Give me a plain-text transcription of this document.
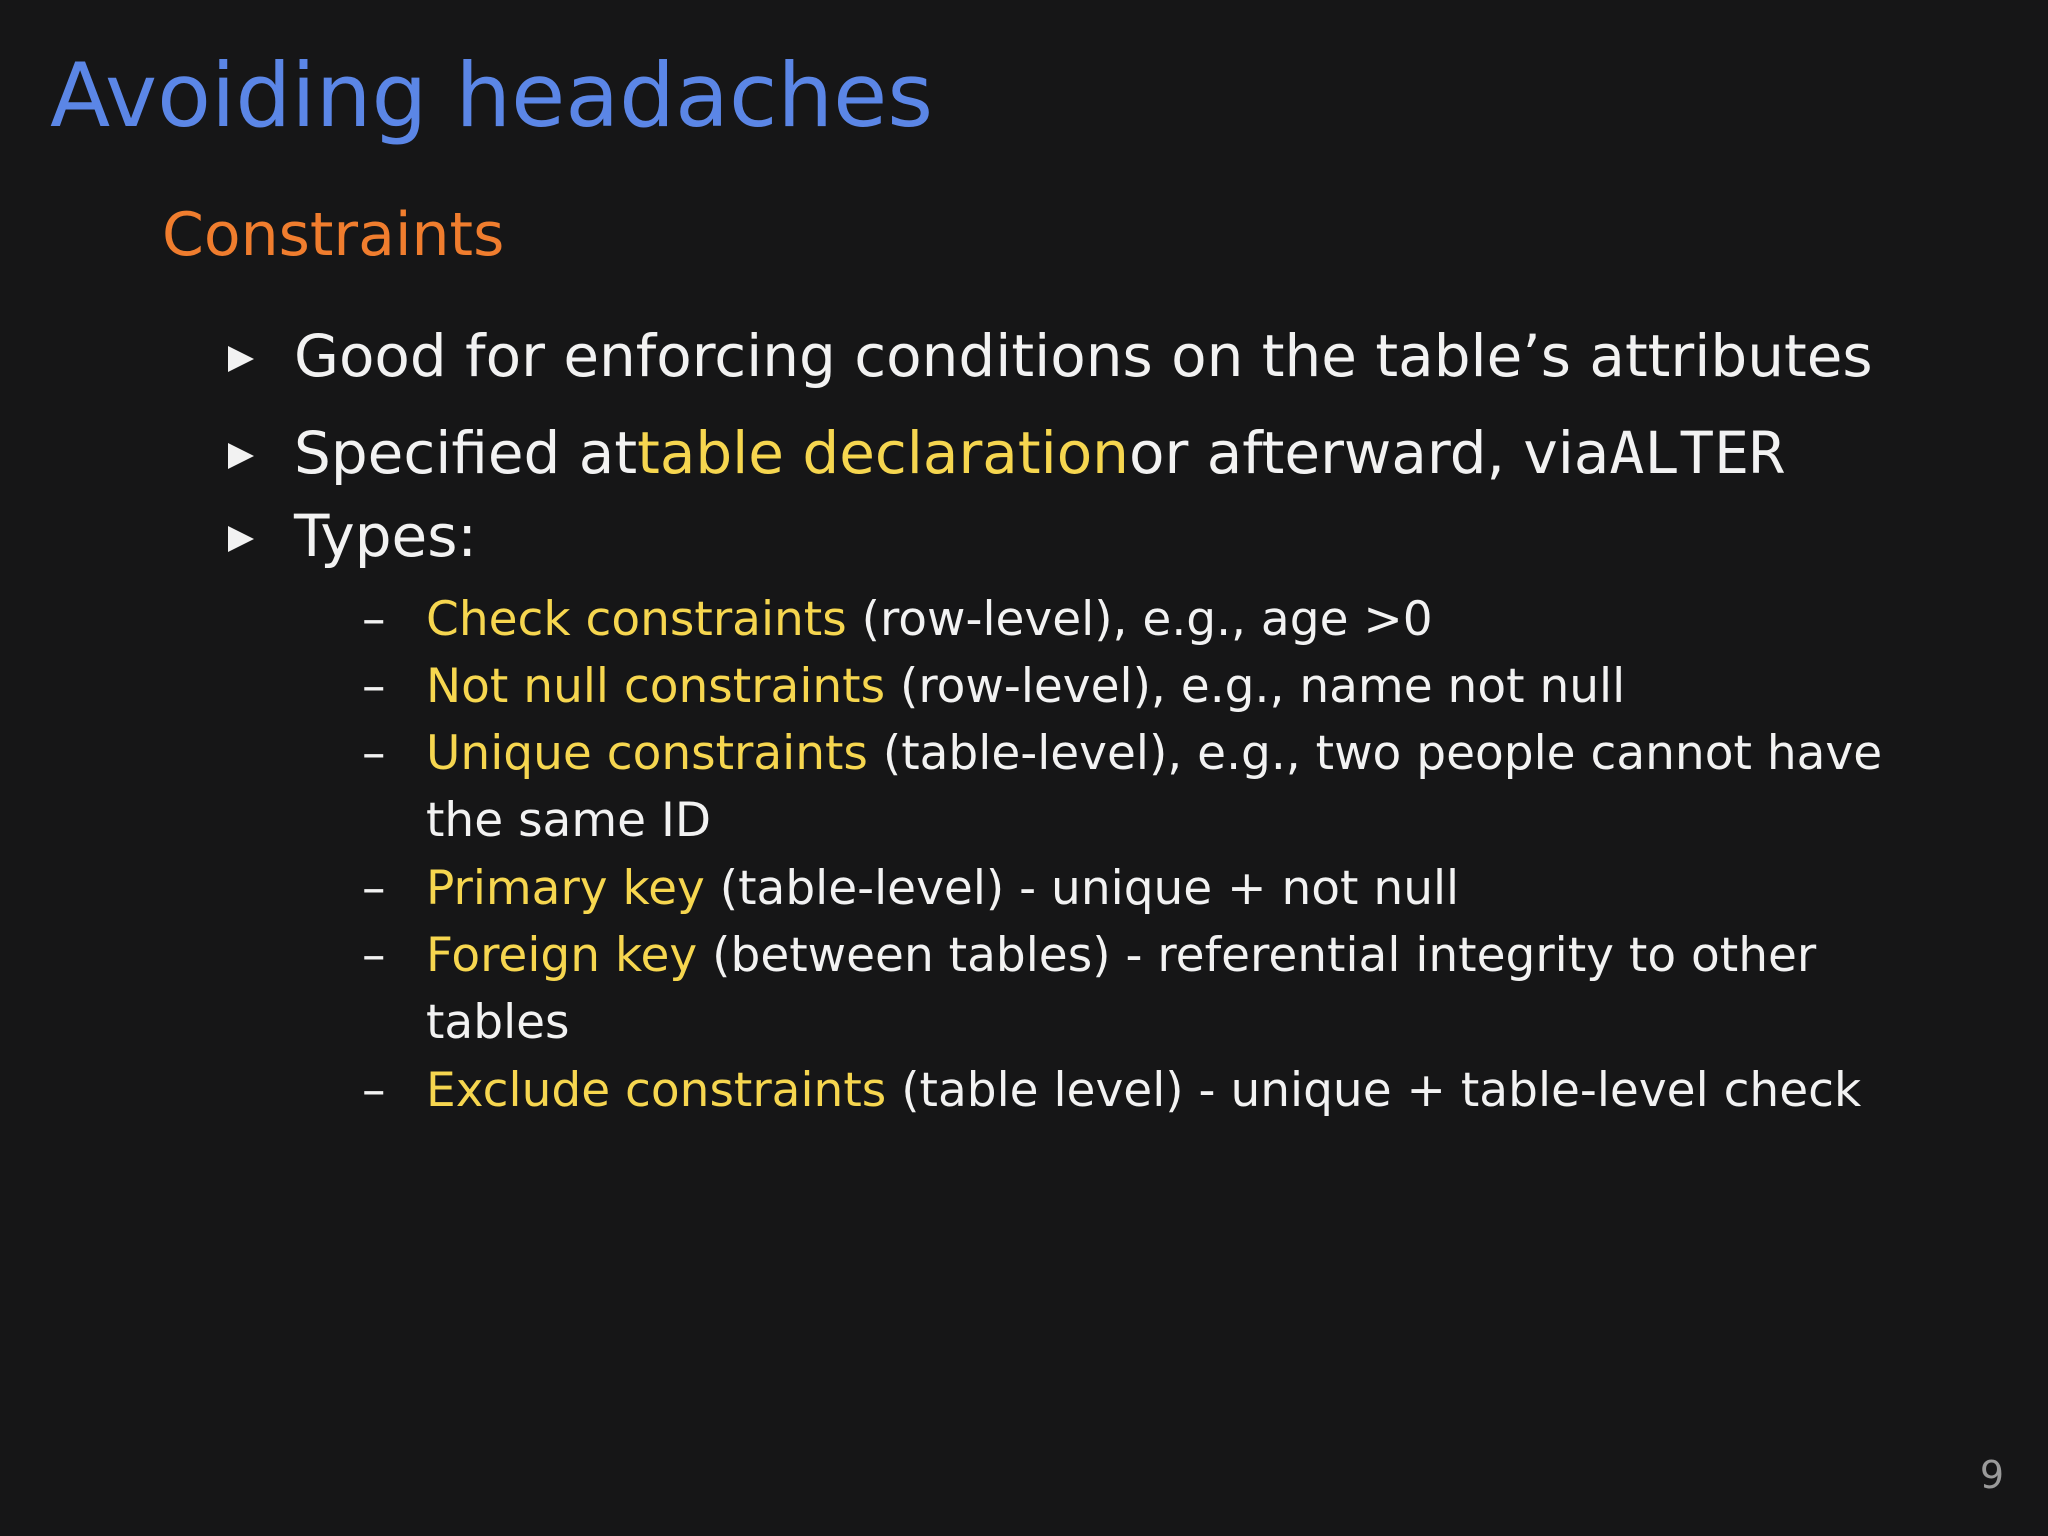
Avoiding headaches
Constraints
Good for enforcing conditions on the table’s attributes
Specified at table declaration or afterward, via ALTER
Types:
– Check constraints (row-level), e.g., age >0
– Not null constraints (row-level), e.g., name not null
– Unique constraints (table-level), e.g., two people cannot have the same ID
– Primary key (table-level) - unique + not null
– Foreign key (between tables) - referential integrity to other tables
– Exclude constraints (table level) - unique + table-level check
9
